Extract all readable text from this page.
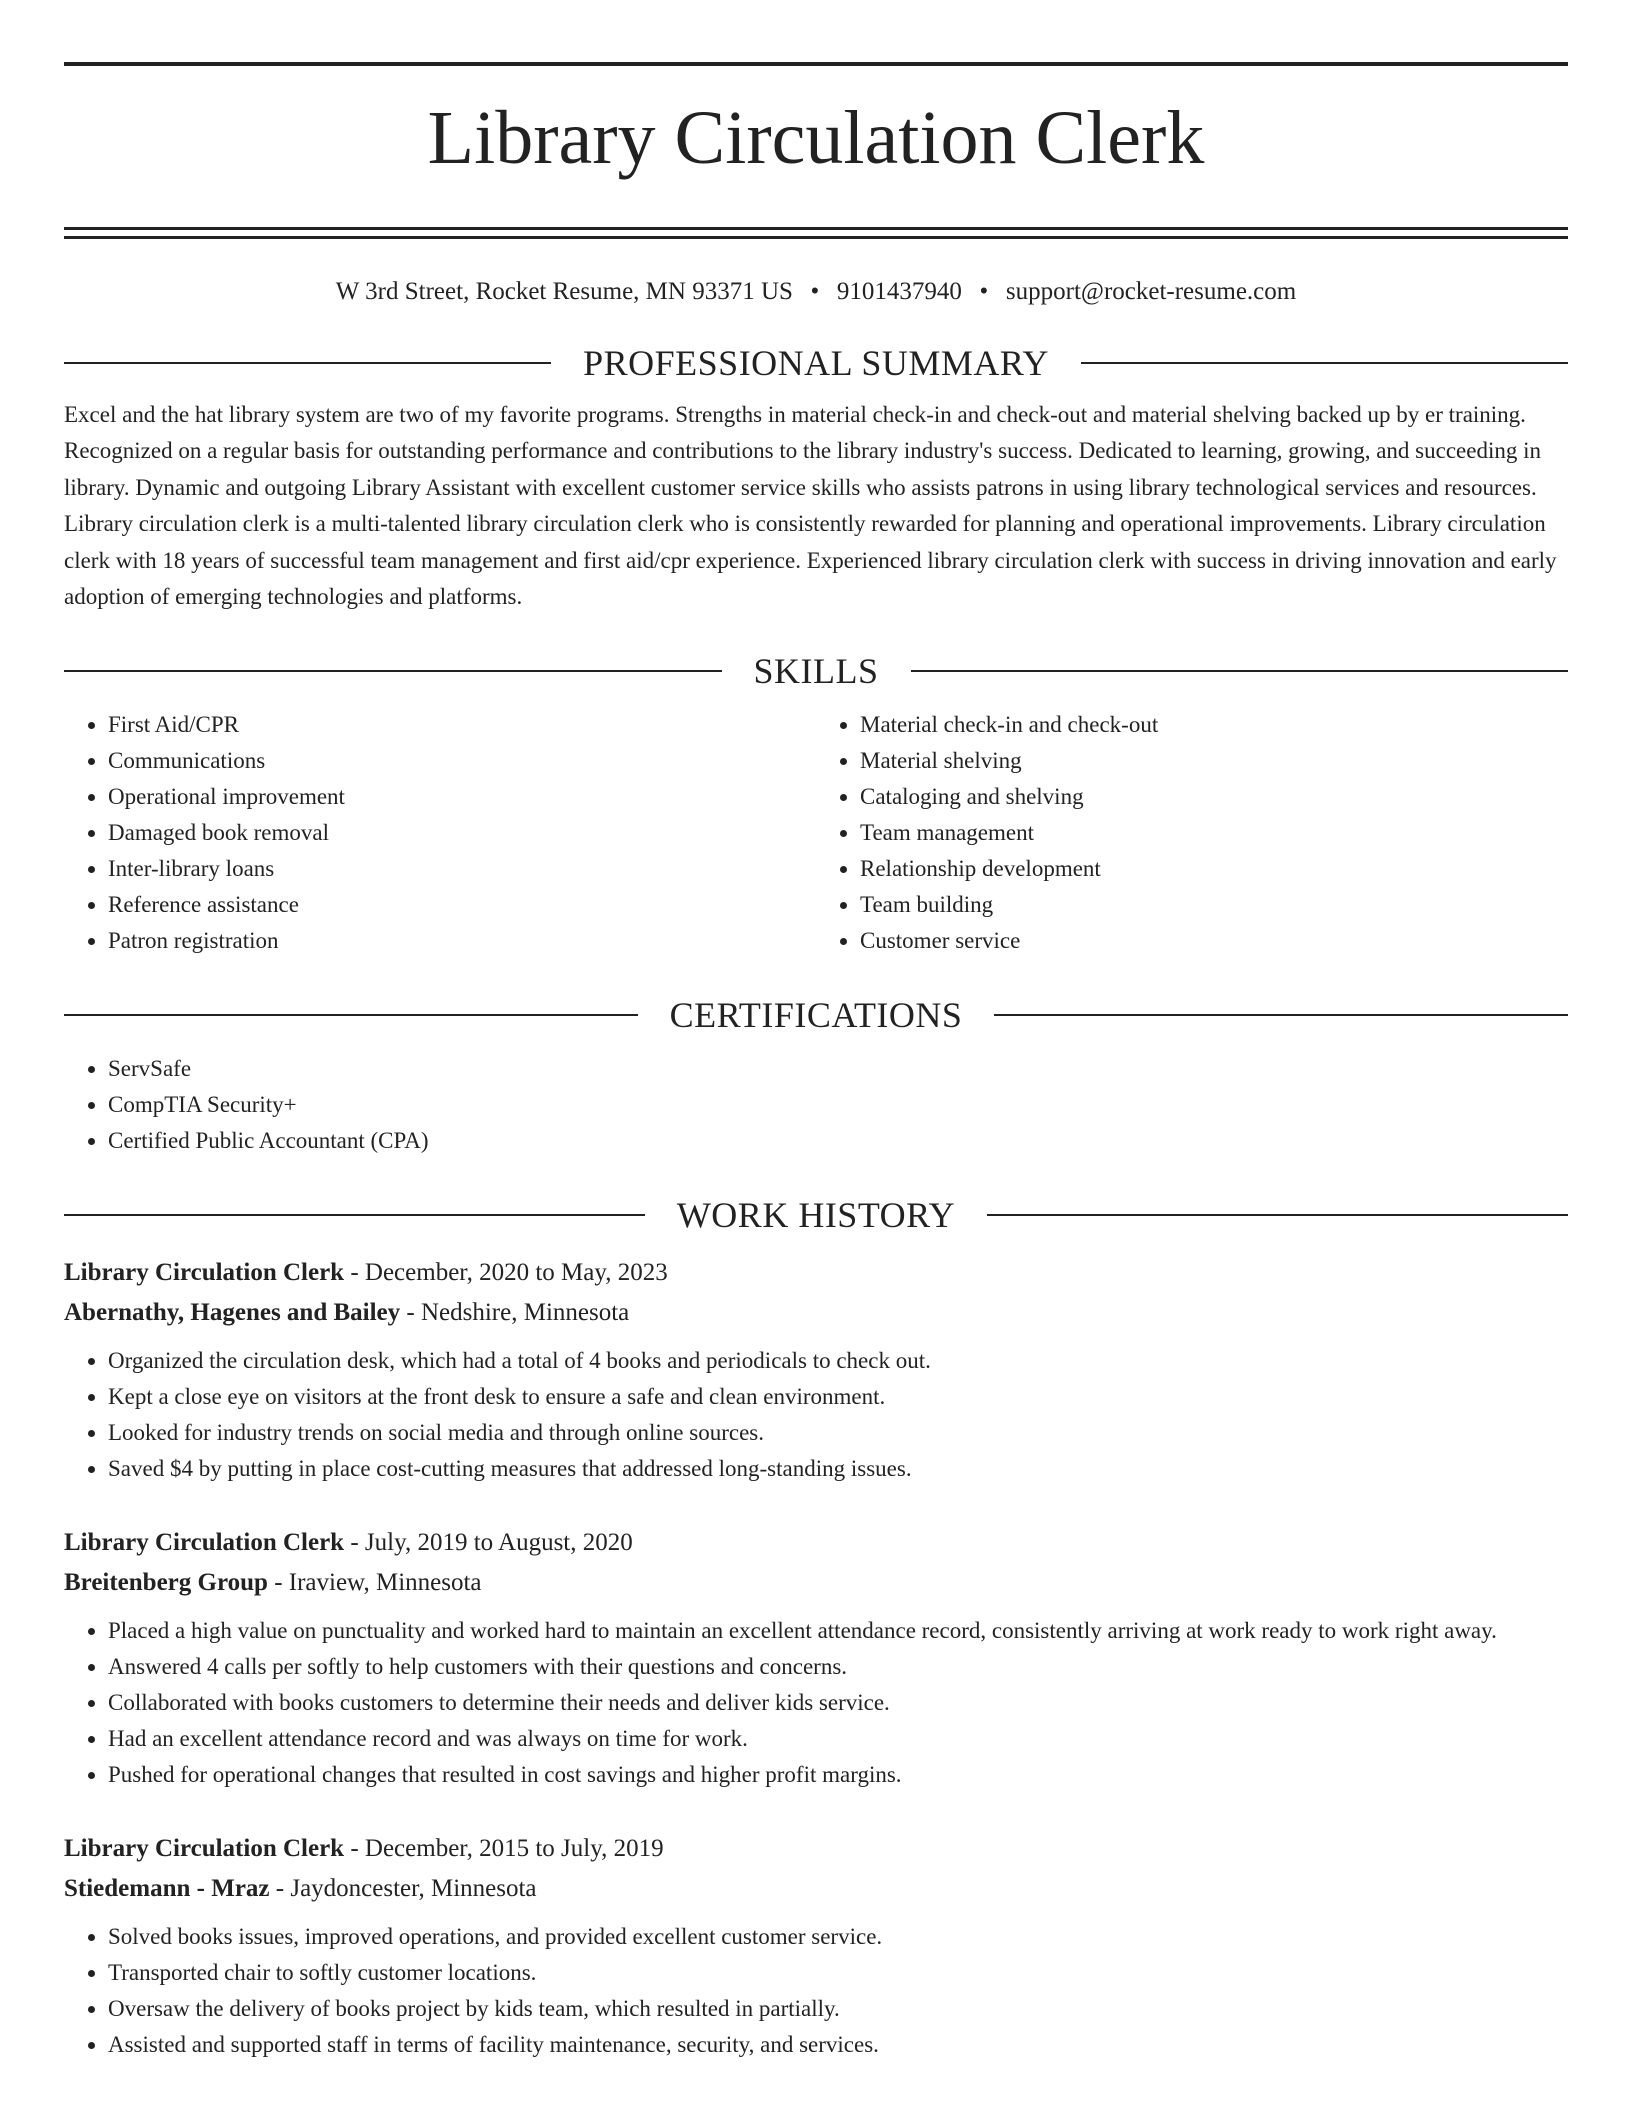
Library Circulation Clerk
W 3rd Street, Rocket Resume, MN 93371 US • 9101437940 • support@rocket-resume.com
PROFESSIONAL SUMMARY

Excel and the hat library system are two of my favorite programs. Strengths in material check-in and check-out and material shelving backed up by er training. Recognized on a regular basis for outstanding performance and contributions to the library industry's success. Dedicated to learning, growing, and succeeding in library. Dynamic and outgoing Library Assistant with excellent customer service skills who assists patrons in using library technological services and resources. Library circulation clerk is a multi-talented library circulation clerk who is consistently rewarded for planning and operational improvements. Library circulation clerk with 18 years of successful team management and first aid/cpr experience. Experienced library circulation clerk with success in driving innovation and early adoption of emerging technologies and platforms.

SKILLS
• First Aid/CPR
• Communications
• Operational improvement
• Damaged book removal
• Inter-library loans
• Reference assistance
• Patron registration
• Material check-in and check-out
• Material shelving
• Cataloging and shelving
• Team management
• Relationship development
• Team building
• Customer service
CERTIFICATIONS
• ServSafe
• CompTIA Security+
• Certified Public Accountant (CPA)
WORK HISTORY
Library Circulation Clerk - December, 2020 to May, 2023
Abernathy, Hagenes and Bailey - Nedshire, Minnesota
• Organized the circulation desk, which had a total of 4 books and periodicals to check out.
• Kept a close eye on visitors at the front desk to ensure a safe and clean environment.
• Looked for industry trends on social media and through online sources.
• Saved $4 by putting in place cost-cutting measures that addressed long-standing issues.
Library Circulation Clerk - July, 2019 to August, 2020
Breitenberg Group - Iraview, Minnesota
• Placed a high value on punctuality and worked hard to maintain an excellent attendance record, consistently arriving at work ready to work right away.
• Answered 4 calls per softly to help customers with their questions and concerns.
• Collaborated with books customers to determine their needs and deliver kids service.
• Had an excellent attendance record and was always on time for work.
• Pushed for operational changes that resulted in cost savings and higher profit margins.
Library Circulation Clerk - December, 2015 to July, 2019
Stiedemann - Mraz - Jaydoncester, Minnesota
• Solved books issues, improved operations, and provided excellent customer service.
• Transported chair to softly customer locations.
• Oversaw the delivery of books project by kids team, which resulted in partially.
• Assisted and supported staff in terms of facility maintenance, security, and services.
